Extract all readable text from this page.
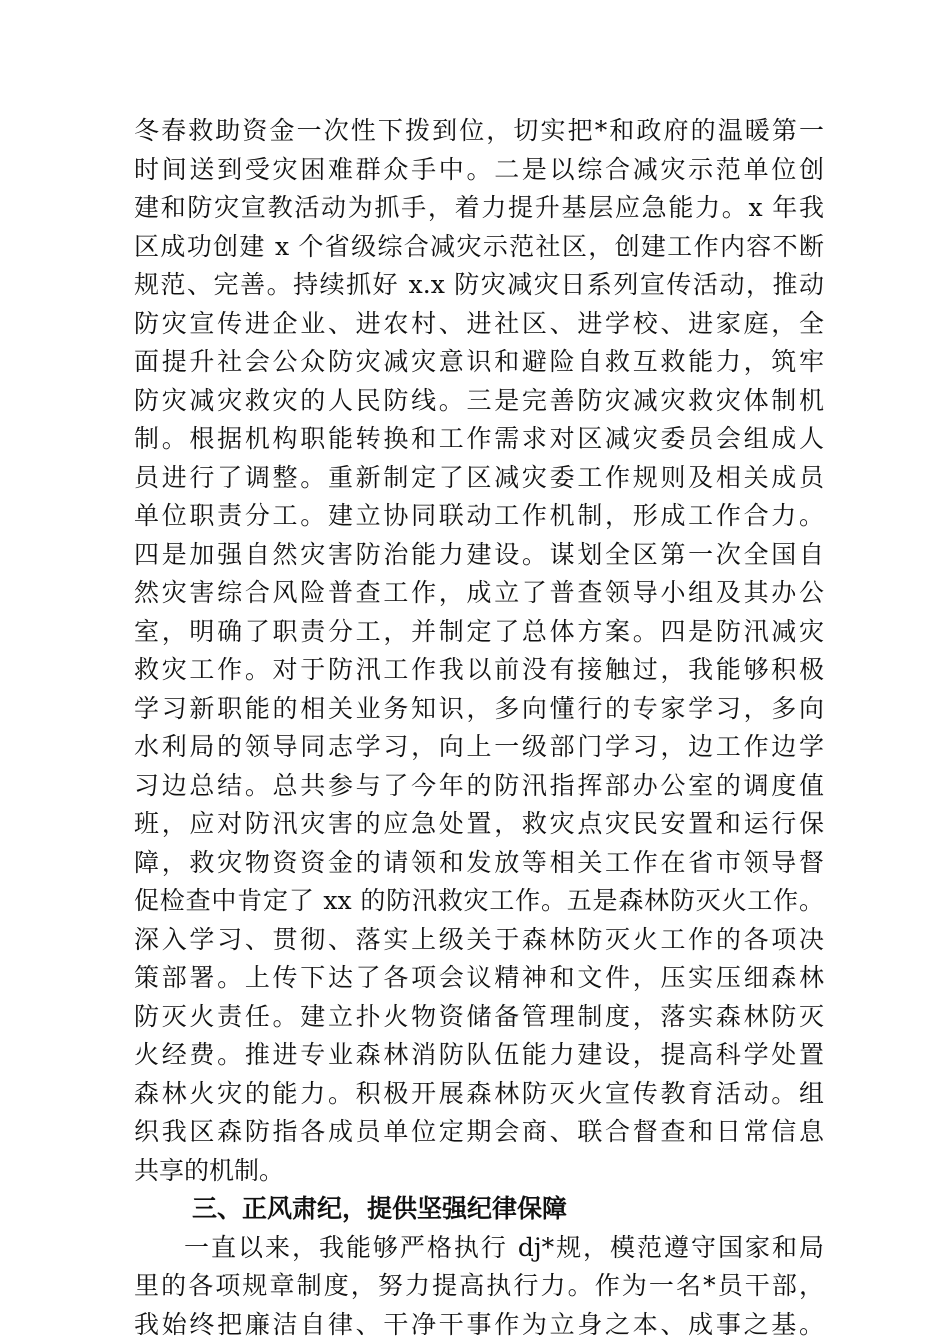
冬春救助资金一次性下拨到位，切实把*和政府的温暖第一
时间送到受灾困难群众手中。二是以综合减灾示范单位创
建和防灾宣教活动为抓手，着力提升基层应急能力。x 年我
区成功创建 x 个省级综合减灾示范社区，创建工作内容不断
规范、完善。持续抓好 x.x 防灾减灾日系列宣传活动，推动
防灾宣传进企业、进农村、进社区、进学校、进家庭，全
面提升社会公众防灾减灾意识和避险自救互救能力，筑牢
防灾减灾救灾的人民防线。三是完善防灾减灾救灾体制机
制。根据机构职能转换和工作需求对区减灾委员会组成人
员进行了调整。重新制定了区减灾委工作规则及相关成员
单位职责分工。建立协同联动工作机制，形成工作合力。
四是加强自然灾害防治能力建设。谋划全区第一次全国自
然灾害综合风险普查工作，成立了普查领导小组及其办公
室，明确了职责分工，并制定了总体方案。四是防汛减灾
救灾工作。对于防汛工作我以前没有接触过，我能够积极
学习新职能的相关业务知识，多向懂行的专家学习，多向
水利局的领导同志学习，向上一级部门学习，边工作边学
习边总结。总共参与了今年的防汛指挥部办公室的调度值
班，应对防汛灾害的应急处置，救灾点灾民安置和运行保
障，救灾物资资金的请领和发放等相关工作在省市领导督
促检查中肯定了 xx 的防汛救灾工作。五是森林防灭火工作。
深入学习、贯彻、落实上级关于森林防灭火工作的各项决
策部署。上传下达了各项会议精神和文件，压实压细森林
防灭火责任。建立扑火物资储备管理制度，落实森林防灭
火经费。推进专业森林消防队伍能力建设，提高科学处置
森林火灾的能力。积极开展森林防灭火宣传教育活动。组
织我区森防指各成员单位定期会商、联合督查和日常信息
共享的机制。
三、正风肃纪，提供坚强纪律保障
一直以来，我能够严格执行 dj*规，模范遵守国家和局
里的各项规章制度，努力提高执行力。作为一名*员干部，
我始终把廉洁自律、干净干事作为立身之本、成事之基。
